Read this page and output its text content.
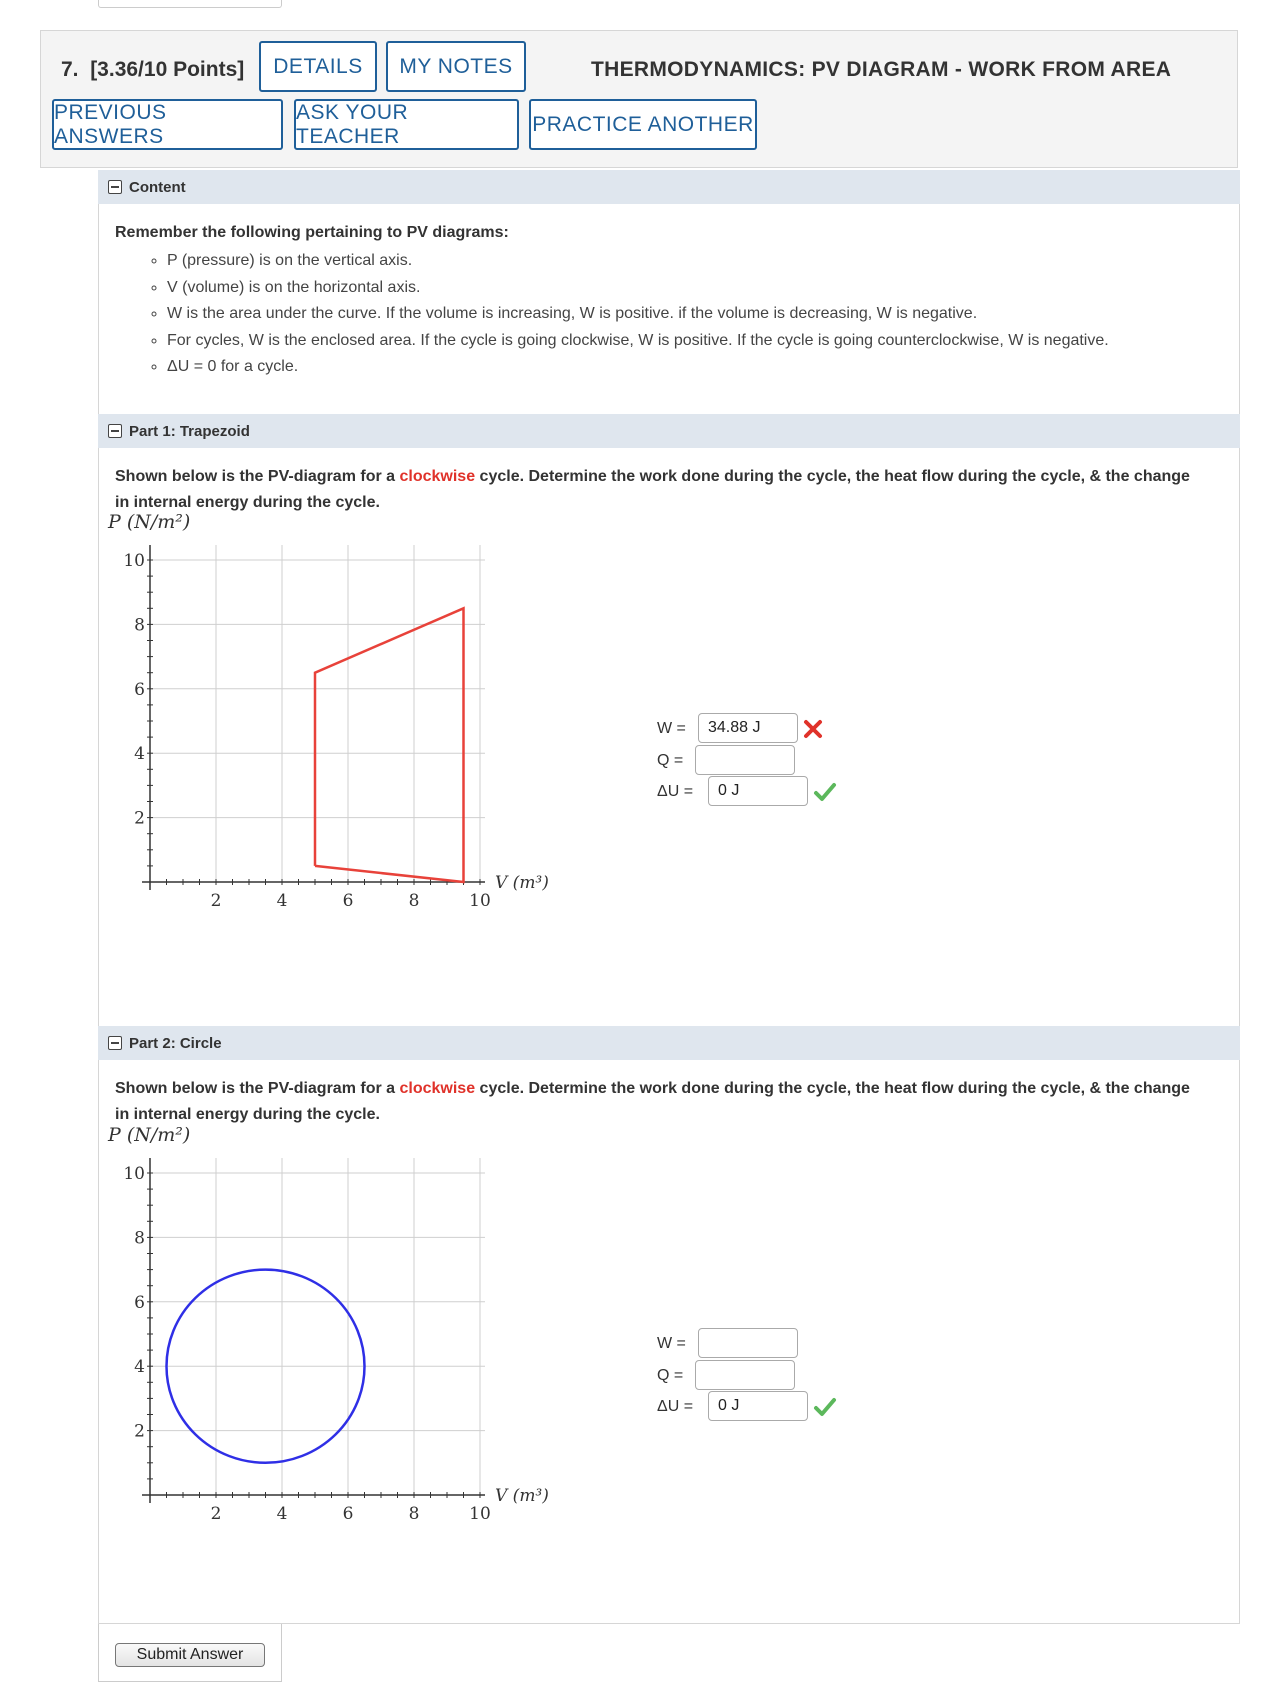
7. [3.36/10 Points]	DETAILS	MY NOTES	THERMODYNAMICS: PV DIAGRAM - WORK FROM AREA
PREVIOUS ANSWERS
ASK YOUR TEACHER
PRACTICE ANOTHER
Content
Remember the following pertaining to PV diagrams:
◦ P (pressure) is on the vertical axis.
◦ V (volume) is on the horizontal axis.
◦ W is the area under the curve. If the volume is increasing, W is positive. if the volume is decreasing, W is negative.
◦ For cycles, W is the enclosed area. If the cycle is going clockwise, W is positive. If the cycle is going counterclockwise, W is negative.
◦ ΔU = 0 for a cycle.
Part 1: Trapezoid
Shown below is the PV-diagram for a clockwise cycle. Determine the work done during the cycle, the heat flow during the cycle, & the change in internal energy during the cycle.
P (N/m²)
2	4	6	8	10
2
4
6
8
10
V (m³)
W =	34.88 J
Q =
ΔU =	0 J
Part 2: Circle
Shown below is the PV-diagram for a clockwise cycle. Determine the work done during the cycle, the heat flow during the cycle, & the change in internal energy during the cycle.
P (N/m²)
2	4	6	8	10
2
4
6
8
10
V (m³)
W =
Q =
ΔU =	0 J
Submit Answer
